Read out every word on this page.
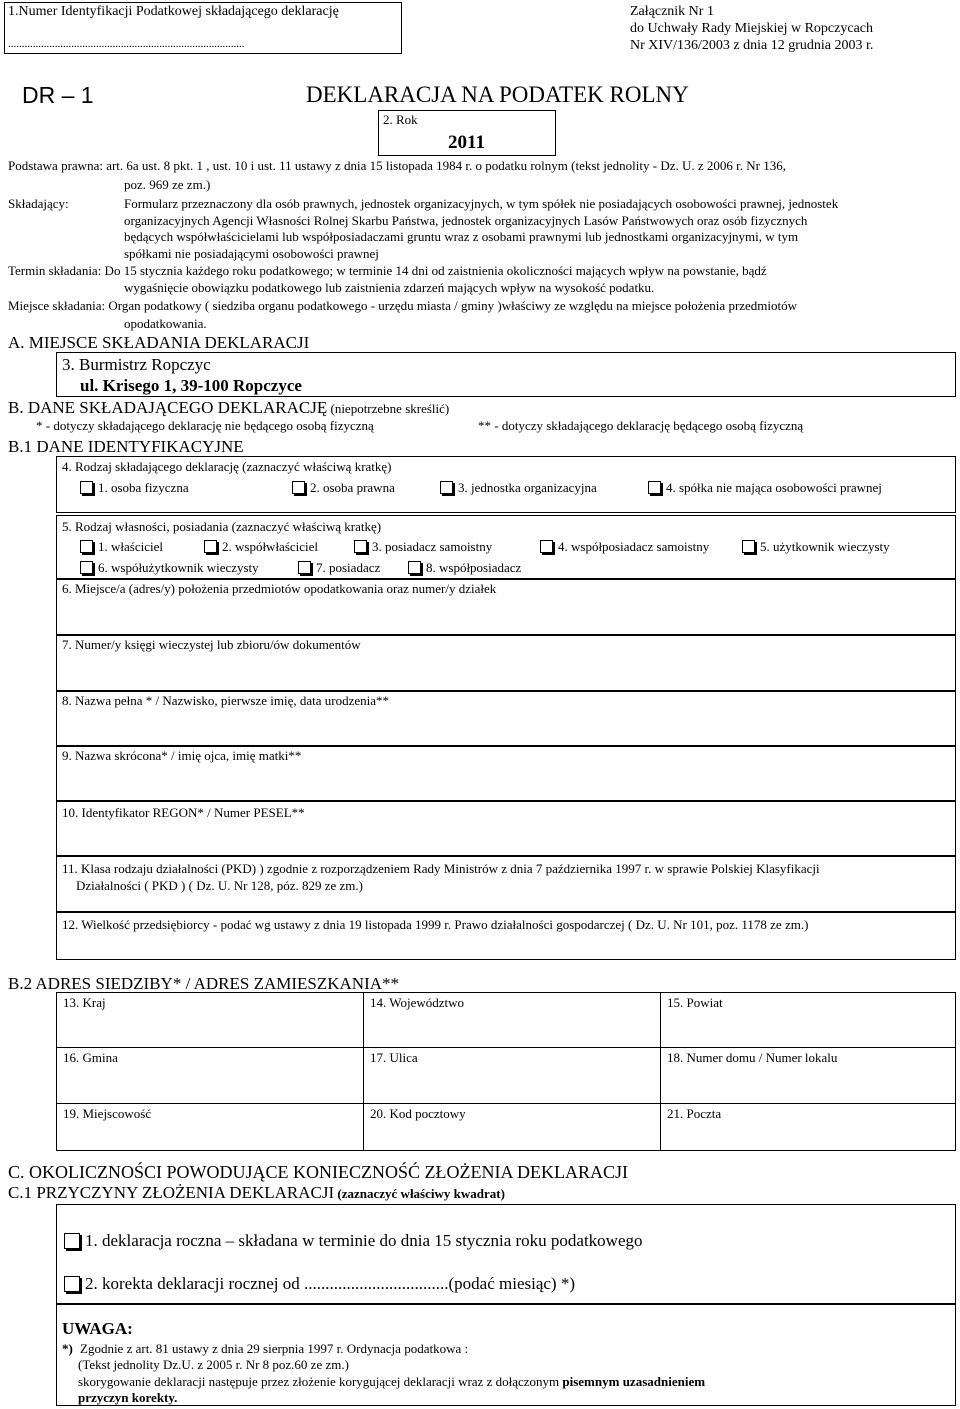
1.Numer Identyfikacji Podatkowej składającego deklarację
......................................................................................
Załącznik Nr 1
do Uchwały Rady Miejskiej w Ropczycach
Nr XIV/136/2003 z dnia 12 grudnia 2003 r.
DR – 1	DEKLARACJA NA PODATEK ROLNY
2. Rok
2011
Podstawa prawna: art. 6a ust. 8 pkt. 1 , ust. 10 i ust. 11 ustawy z dnia 15 listopada 1984 r. o podatku rolnym (tekst jednolity - Dz. U. z 2006 r. Nr 136,
poz. 969 ze zm.)
Składający:	Formularz przeznaczony dla osób prawnych, jednostek organizacyjnych, w tym spółek nie posiadających osobowości prawnej, jednostek
organizacyjnych Agencji Własności Rolnej Skarbu Państwa, jednostek organizacyjnych Lasów Państwowych oraz osób fizycznych
będących współwłaścicielami lub współposiadaczami gruntu wraz z osobami prawnymi lub jednostkami organizacyjnymi, w tym
spółkami nie posiadającymi osobowości prawnej
Termin składania: Do 15 stycznia każdego roku podatkowego; w terminie 14 dni od zaistnienia okoliczności mających wpływ na powstanie, bądź
wygaśnięcie obowiązku podatkowego lub zaistnienia zdarzeń mających wpływ na wysokość podatku.
Miejsce składania: Organ podatkowy ( siedziba organu podatkowego - urzędu miasta / gminy )właściwy ze względu na miejsce położenia przedmiotów
opodatkowania.
A. MIEJSCE SKŁADANIA DEKLARACJI
3. Burmistrz Ropczyc
ul. Krisego 1, 39-100 Ropczyce
B. DANE SKŁADAJĄCEGO DEKLARACJĘ (niepotrzebne skreślić)
* - dotyczy składającego deklarację nie będącego osobą fizyczną	** - dotyczy składającego deklarację będącego osobą fizyczną
B.1 DANE IDENTYFIKACYJNE
4. Rodzaj składającego deklarację (zaznaczyć właściwą kratkę)
1. osoba fizyczna	2. osoba prawna	3. jednostka organizacyjna	4. spółka nie mająca osobowości prawnej
5. Rodzaj własności, posiadania (zaznaczyć właściwą kratkę)
1. właściciel	2. współwłaściciel	3. posiadacz samoistny	4. współposiadacz samoistny	5. użytkownik wieczysty
6. współużytkownik wieczysty	7. posiadacz	8. współposiadacz
6. Miejsce/a (adres/y) położenia przedmiotów opodatkowania oraz numer/y działek
7. Numer/y księgi wieczystej lub zbioru/ów dokumentów
8. Nazwa pełna * / Nazwisko, pierwsze imię, data urodzenia**
9. Nazwa skrócona* / imię ojca, imię matki**
10. Identyfikator REGON* / Numer PESEL**
11. Klasa rodzaju działalności (PKD) ) zgodnie z rozporządzeniem Rady Ministrów z dnia 7 października 1997 r. w sprawie Polskiej Klasyfikacji
Działalności ( PKD ) ( Dz. U. Nr 128, póz. 829 ze zm.)
12. Wielkość przedsiębiorcy - podać wg ustawy z dnia 19 listopada 1999 r. Prawo działalności gospodarczej ( Dz. U. Nr 101, poz. 1178 ze zm.)
B.2 ADRES SIEDZIBY* / ADRES ZAMIESZKANIA**
13. Kraj	14. Województwo	15. Powiat
16. Gmina	17. Ulica	18. Numer domu / Numer lokalu
19. Miejscowość	20. Kod pocztowy	21. Poczta
C. OKOLICZNOŚCI POWODUJĄCE KONIECZNOŚĆ ZŁOŻENIA DEKLARACJI
C.1 PRZYCZYNY ZŁOŻENIA DEKLARACJI (zaznaczyć właściwy kwadrat)
1. deklaracja roczna – składana w terminie do dnia 15 stycznia roku podatkowego
2. korekta deklaracji rocznej od ..................................(podać miesiąc) *)
UWAGA:
*) Zgodnie z art. 81 ustawy z dnia 29 sierpnia 1997 r. Ordynacja podatkowa :
(Tekst jednolity Dz.U. z 2005 r. Nr 8 poz.60 ze zm.)
skorygowanie deklaracji następuje przez złożenie korygującej deklaracji wraz z dołączonym pisemnym uzasadnieniem
przyczyn korekty.
